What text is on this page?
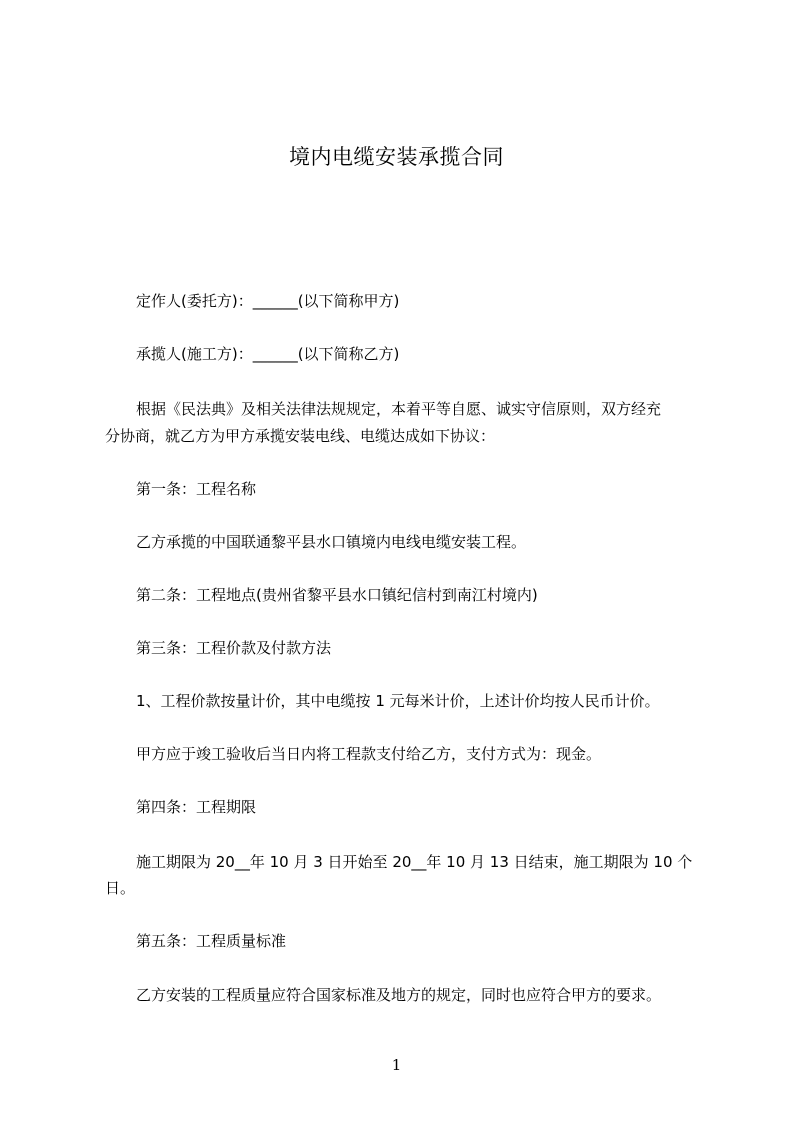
境内电缆安装承揽合同
定作人(委托方)：______(以下简称甲方)
承揽人(施工方)：______(以下简称乙方)
根据《民法典》及相关法律法规规定，本着平等自愿、诚实守信原则，双方经充
分协商，就乙方为甲方承揽安装电线、电缆达成如下协议：
第一条：工程名称
乙方承揽的中国联通黎平县水口镇境内电线电缆安装工程。
第二条：工程地点(贵州省黎平县水口镇纪信村到南江村境内)
第三条：工程价款及付款方法
1、工程价款按量计价，其中电缆按 1 元每米计价，上述计价均按人民币计价。
甲方应于竣工验收后当日内将工程款支付给乙方，支付方式为：现金。
第四条：工程期限
施工期限为 20__年 10 月 3 日开始至 20__年 10 月 13 日结束，施工期限为 10 个
日。
第五条：工程质量标准
乙方安装的工程质量应符合国家标准及地方的规定，同时也应符合甲方的要求。
1
